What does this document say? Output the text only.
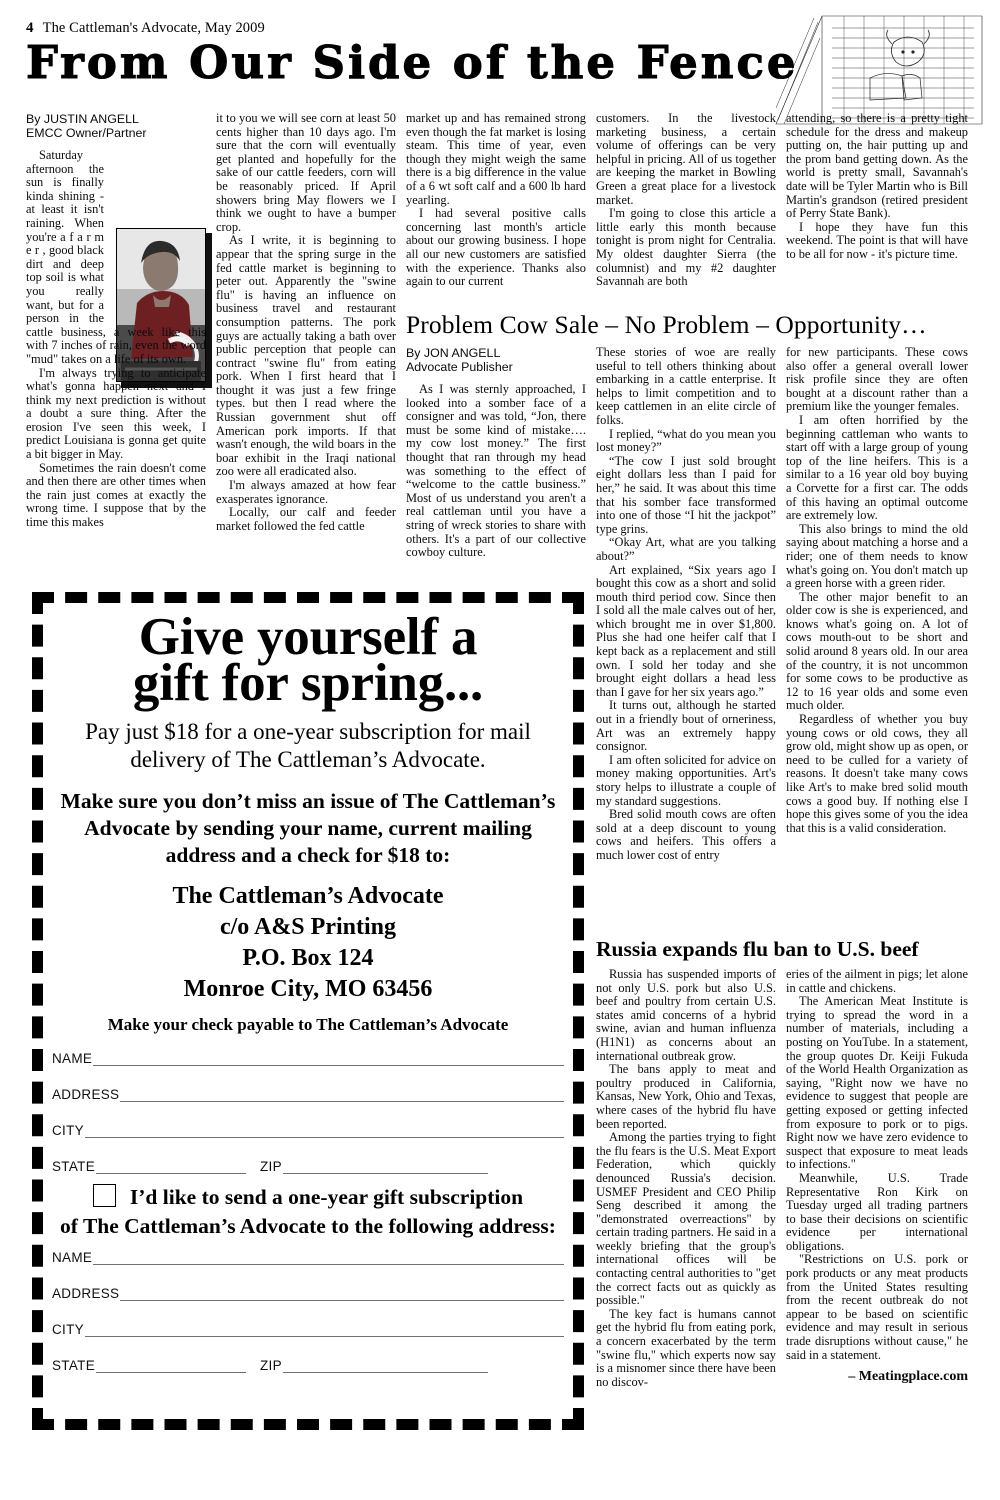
4 The Cattleman's Advocate, May 2009
From Our Side of the Fence
By JUSTIN ANGELL
EMCC Owner/Partner

Saturday afternoon the sun is finally kinda shining - at least it isn't raining. When you're a f a r m e r , good black dirt and deep top soil is what you really want, but for a person in the cattle business, a week like this with 7 inches of rain, even the word "mud" takes on a life of its own.

I'm always trying to anticipate what's gonna happen next and I think my next prediction is without a doubt a sure thing. After the erosion I've seen this week, I predict Louisiana is gonna get quite a bit bigger in May.

Sometimes the rain doesn't come and then there are other times when the rain just comes at exactly the wrong time. I suppose that by the time this makes

it to you we will see corn at least 50 cents higher than 10 days ago. I'm sure that the corn will eventually get planted and hopefully for the sake of our cattle feeders, corn will be reasonably priced. If April showers bring May flowers we I think we ought to have a bumper crop.

As I write, it is beginning to appear that the spring surge in the fed cattle market is beginning to peter out. Apparently the "swine flu" is having an influence on business travel and restaurant consumption patterns. The pork guys are actually taking a bath over public perception that people can contract "swine flu" from eating pork. When I first heard that I thought it was just a few fringe types. but then I read where the Russian government shut off American pork imports. If that wasn't enough, the wild boars in the boar exhibit in the Iraqi national zoo were all eradicated also.

I'm always amazed at how fear exasperates ignorance.

Locally, our calf and feeder market followed the fed cattle

market up and has remained strong even though the fat market is losing steam. This time of year, even though they might weigh the same there is a big difference in the value of a 6 wt soft calf and a 600 lb hard yearling.

I had several positive calls concerning last month's article about our growing business. I hope all our new customers are satisfied with the experience. Thanks also again to our current

customers. In the livestock marketing business, a certain volume of offerings can be very helpful in pricing. All of us together are keeping the market in Bowling Green a great place for a livestock market.

I'm going to close this article a little early this month because tonight is prom night for Centralia. My oldest daughter Sierra (the columnist) and my #2 daughter Savannah are both

attending, so there is a pretty tight schedule for the dress and makeup putting on, the hair putting up and the prom band getting down. As the world is pretty small, Savannah's date will be Tyler Martin who is Bill Martin's grandson (retired president of Perry State Bank).

I hope they have fun this weekend. The point is that will have to be all for now - it's picture time.

Problem Cow Sale – No Problem – Opportunity…
By JON ANGELL
Advocate Publisher

As I was sternly approached, I looked into a somber face of a consigner and was told, “Jon, there must be some kind of mistake…. my cow lost money.” The first thought that ran through my head was something to the effect of “welcome to the cattle business.” Most of us understand you aren't a real cattleman until you have a string of wreck stories to share with others. It's a part of our collective cowboy culture.

These stories of woe are really useful to tell others thinking about embarking in a cattle enterprise. It helps to limit competition and to keep cattlemen in an elite circle of folks.

I replied, “what do you mean you lost money?”

“The cow I just sold brought eight dollars less than I paid for her,” he said. It was about this time that his somber face transformed into one of those “I hit the jackpot” type grins.

“Okay Art, what are you talking about?”

Art explained, “Six years ago I bought this cow as a short and solid mouth third period cow. Since then I sold all the male calves out of her, which brought me in over $1,800. Plus she had one heifer calf that I kept back as a replacement and still own. I sold her today and she brought eight dollars a head less than I gave for her six years ago.”

It turns out, although he started out in a friendly bout of orneriness, Art was an extremely happy consignor.

I am often solicited for advice on money making opportunities. Art's story helps to illustrate a couple of my standard suggestions.

Bred solid mouth cows are often sold at a deep discount to young cows and heifers. This offers a much lower cost of entry

for new participants. These cows also offer a general overall lower risk profile since they are often bought at a discount rather than a premium like the younger females.

I am often horrified by the beginning cattleman who wants to start off with a large group of young top of the line heifers. This is a similar to a 16 year old boy buying a Corvette for a first car. The odds of this having an optimal outcome are extremely low.

This also brings to mind the old saying about matching a horse and a rider; one of them needs to know what's going on. You don't match up a green horse with a green rider.

The other major benefit to an older cow is she is experienced, and knows what's going on. A lot of cows mouth-out to be short and solid around 8 years old. In our area of the country, it is not uncommon for some cows to be productive as 12 to 16 year olds and some even much older.

Regardless of whether you buy young cows or old cows, they all grow old, might show up as open, or need to be culled for a variety of reasons. It doesn't take many cows like Art's to make bred solid mouth cows a good buy. If nothing else I hope this gives some of you the idea that this is a valid consideration.

Russia expands flu ban to U.S. beef

Russia has suspended imports of not only U.S. pork but also U.S. beef and poultry from certain U.S. states amid concerns of a hybrid swine, avian and human influenza (H1N1) as concerns about an international outbreak grow.

The bans apply to meat and poultry produced in California, Kansas, New York, Ohio and Texas, where cases of the hybrid flu have been reported.

Among the parties trying to fight the flu fears is the U.S. Meat Export Federation, which quickly denounced Russia's decision. USMEF President and CEO Philip Seng described it among the "demonstrated overreactions" by certain trading partners. He said in a weekly briefing that the group's international offices will be contacting central authorities to "get the correct facts out as quickly as possible."

The key fact is humans cannot get the hybrid flu from eating pork, a concern exacerbated by the term "swine flu," which experts now say is a misnomer since there have been no discov-

eries of the ailment in pigs; let alone in cattle and chickens.

The American Meat Institute is trying to spread the word in a number of materials, including a posting on YouTube. In a statement, the group quotes Dr. Keiji Fukuda of the World Health Organization as saying, "Right now we have no evidence to suggest that people are getting exposed or getting infected from exposure to pork or to pigs. Right now we have zero evidence to suspect that exposure to meat leads to infections."

Meanwhile, U.S. Trade Representative Ron Kirk on Tuesday urged all trading partners to base their decisions on scientific evidence per international obligations.

"Restrictions on U.S. pork or pork products or any meat products from the United States resulting from the recent outbreak do not appear to be based on scientific evidence and may result in serious trade disruptions without cause," he said in a statement.

– Meatingplace.com
Give yourself a
gift for spring...
Pay just $18 for a one-year subscription for mail delivery of The Cattleman’s Advocate.
Make sure you don’t miss an issue of The Cattleman’s Advocate by sending your name, current mailing address and a check for $18 to:
The Cattleman’s Advocate
c/o A&S Printing
P.O. Box 124
Monroe City, MO 63456
Make your check payable to The Cattleman’s Advocate
NAME
ADDRESS
CITY
STATE	ZIP
I’d like to send a one-year gift subscription
of The Cattleman’s Advocate to the following address:
NAME
ADDRESS
CITY
STATE	ZIP
